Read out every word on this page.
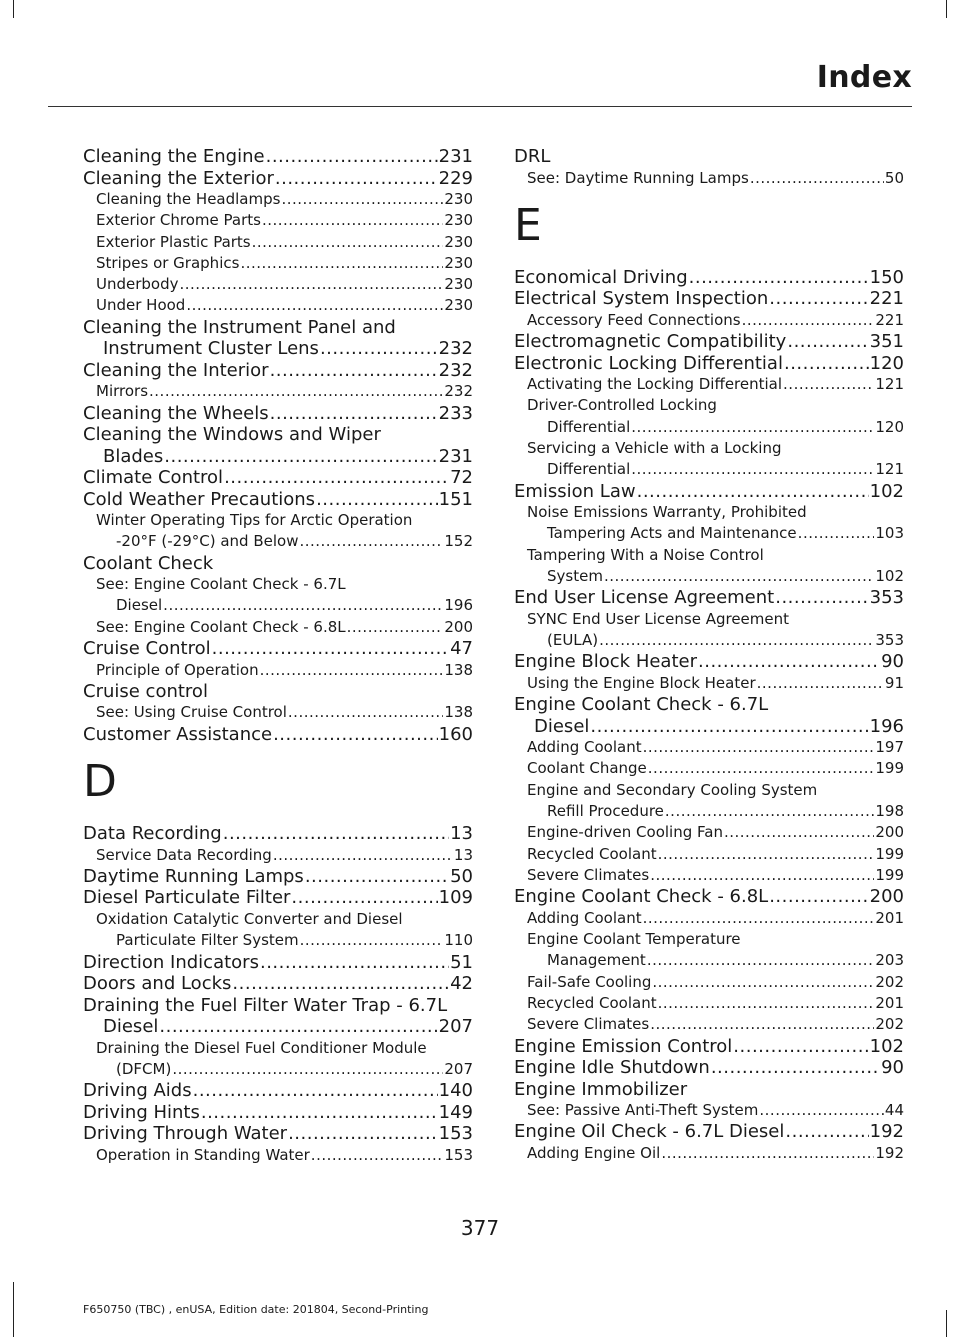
Index
Cleaning the Engine .....	231
Cleaning the Exterior .....	229
Cleaning the Headlamps .....	230
Exterior Chrome Parts .....	230
Exterior Plastic Parts .....	230
Stripes or Graphics .....	230
Underbody .....	230
Under Hood .....	230
Cleaning the Instrument Panel and
Instrument Cluster Lens .....	232
Cleaning the Interior .....	232
Mirrors .....	232
Cleaning the Wheels .....	233
Cleaning the Windows and Wiper
Blades .....	231
Climate Control .....	72
Cold Weather Precautions .....	151
Winter Operating Tips for Arctic Operation
-20°F (-29°C) and Below .....	152
Coolant Check
See: Engine Coolant Check - 6.7L
Diesel .....	196
See: Engine Coolant Check - 6.8L .....	200
Cruise Control .....	47
Principle of Operation .....	138
Cruise control
See: Using Cruise Control .....	138
Customer Assistance .....	160
D
Data Recording .....	13
Service Data Recording .....	13
Daytime Running Lamps .....	50
Diesel Particulate Filter .....	109
Oxidation Catalytic Converter and Diesel
Particulate Filter System .....	110
Direction Indicators .....	51
Doors and Locks .....	42
Draining the Fuel Filter Water Trap - 6.7L
Diesel .....	207
Draining the Diesel Fuel Conditioner Module
(DFCM) .....	207
Driving Aids .....	140
Driving Hints .....	149
Driving Through Water .....	153
Operation in Standing Water .....	153
DRL
See: Daytime Running Lamps .....	50
E
Economical Driving .....	150
Electrical System Inspection .....	221
Accessory Feed Connections .....	221
Electromagnetic Compatibility .....	351
Electronic Locking Differential .....	120
Activating the Locking Differential .....	121
Driver-Controlled Locking
Differential .....	120
Servicing a Vehicle with a Locking
Differential .....	121
Emission Law .....	102
Noise Emissions Warranty, Prohibited
Tampering Acts and Maintenance .....	103
Tampering With a Noise Control
System .....	102
End User License Agreement .....	353
SYNC End User License Agreement
(EULA) .....	353
Engine Block Heater .....	90
Using the Engine Block Heater .....	91
Engine Coolant Check - 6.7L
Diesel .....	196
Adding Coolant .....	197
Coolant Change .....	199
Engine and Secondary Cooling System
Refill Procedure .....	198
Engine-driven Cooling Fan .....	200
Recycled Coolant .....	199
Severe Climates .....	199
Engine Coolant Check - 6.8L .....	200
Adding Coolant .....	201
Engine Coolant Temperature
Management .....	203
Fail-Safe Cooling .....	202
Recycled Coolant .....	201
Severe Climates .....	202
Engine Emission Control .....	102
Engine Idle Shutdown .....	90
Engine Immobilizer
See: Passive Anti-Theft System .....	44
Engine Oil Check - 6.7L Diesel .....	192
Adding Engine Oil .....	192
377
F650750 (TBC) , enUSA, Edition date: 201804, Second-Printing
